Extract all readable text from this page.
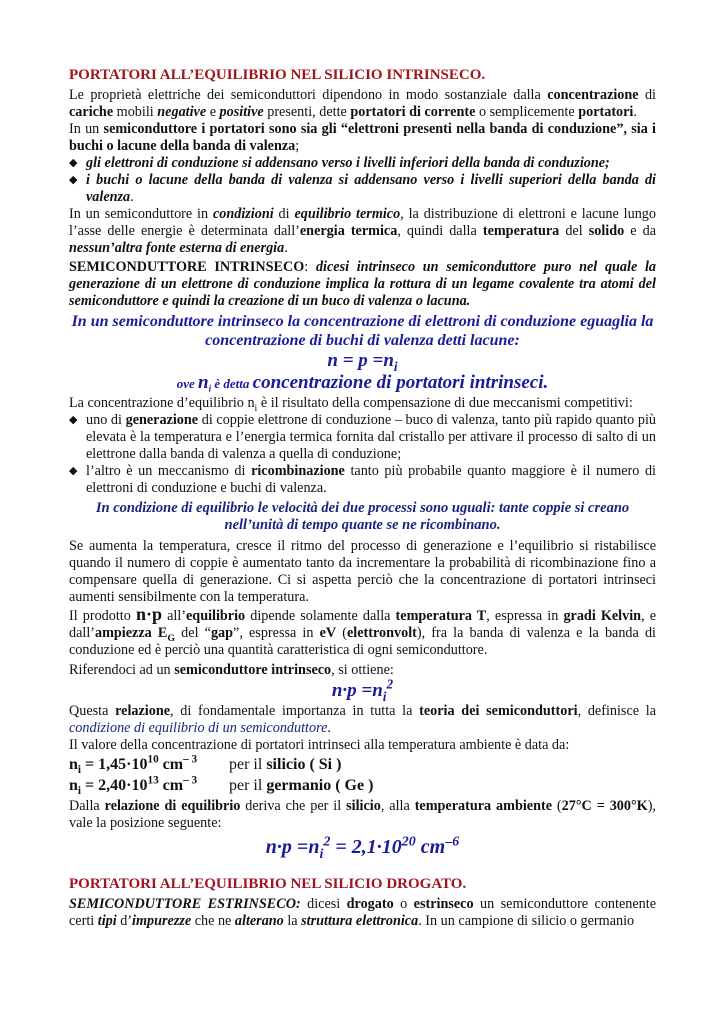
PORTATORI ALL’EQUILIBRIO NEL SILICIO INTRINSECO.

Le proprietà elettriche dei semiconduttori dipendono in modo sostanziale dalla concentrazione di cariche mobili negative e positive presenti, dette portatori di corrente o semplicemente portatori.

In un semiconduttore i portatori sono sia gli “elettroni presenti nella banda di conduzione”, sia i buchi o lacune della banda di valenza;

◆ gli elettroni di conduzione si addensano verso i livelli inferiori della banda di conduzione;
◆ i buchi o lacune della banda di valenza si addensano verso i livelli superiori della banda di valenza.

In un semiconduttore in condizioni di equilibrio termico, la distribuzione di elettroni e lacune lungo l’asse delle energie è determinata dall’energia termica, quindi dalla temperatura del solido e da nessun’altra fonte esterna di energia.

SEMICONDUTTORE INTRINSECO: dicesi intrinseco un semiconduttore puro nel quale la generazione di un elettrone di conduzione implica la rottura di un legame covalente tra atomi del semiconduttore e quindi la creazione di un buco di valenza o lacuna.

In un semiconduttore intrinseco la concentrazione di elettroni di conduzione eguaglia la concentrazione di buchi di valenza detti lacune:

$n = p =n_i$

ove $n_i$ è detta concentrazione di portatori intrinseci.

La concentrazione d’equilibrio $n_i$ è il risultato della compensazione di due meccanismi competitivi:

◆ uno di generazione di coppie elettrone di conduzione – buco di valenza, tanto più rapido quanto più elevata è la temperatura e l’energia termica fornita dal cristallo per attivare il processo di salto di un elettrone dalla banda di valenza a quella di conduzione;
◆ l’altro è un meccanismo di ricombinazione tanto più probabile quanto maggiore è il numero di elettroni di conduzione e buchi di valenza.

In condizione di equilibrio le velocità dei due processi sono uguali: tante coppie si creano nell’unità di tempo quante se ne ricombinano.

Se aumenta la temperatura, cresce il ritmo del processo di generazione e l’equilibrio si ristabilisce quando il numero di coppie è aumentato tanto da incrementare la probabilità di ricombinazione fino a compensare quella di generazione. Ci si aspetta perciò che la concentrazione di portatori intrinseci aumenti sensibilmente con la temperatura.

Il prodotto n·p all’equilibrio dipende solamente dalla temperatura T, espressa in gradi Kelvin, e dall’ampiezza $E_G$ del “gap”, espressa in eV (elettronvolt), fra la banda di valenza e la banda di conduzione ed è perciò una quantità caratteristica di ogni semiconduttore.

Riferendoci ad un semiconduttore intrinseco, si ottiene:

$n\cdot p =n_i^2$

Questa relazione, di fondamentale importanza in tutta la teoria dei semiconduttori, definisce la condizione di equilibrio di un semiconduttore.

Il valore della concentrazione di portatori intrinseci alla temperatura ambiente è data da:

$n_i = 1,45\cdot 10^{10}$ $cm^{- 3}$ per il silicio ( Si )
$n_i = 2,40\cdot 10^{13}$ $cm^{- 3}$ per il germanio ( Ge )

Dalla relazione di equilibrio deriva che per il silicio, alla temperatura ambiente (27°C = 300°K), vale la posizione seguente:

$n\cdot p =n_i^2 = 2,1\cdot 10^{20}$ $cm^{-6}$

PORTATORI ALL’EQUILIBRIO NEL SILICIO DROGATO.

SEMICONDUTTORE ESTRINSECO: dicesi drogato o estrinseco un semiconduttore contenente certi tipi d’impurezze che ne alterano la struttura elettronica. In un campione di silicio o germanio
